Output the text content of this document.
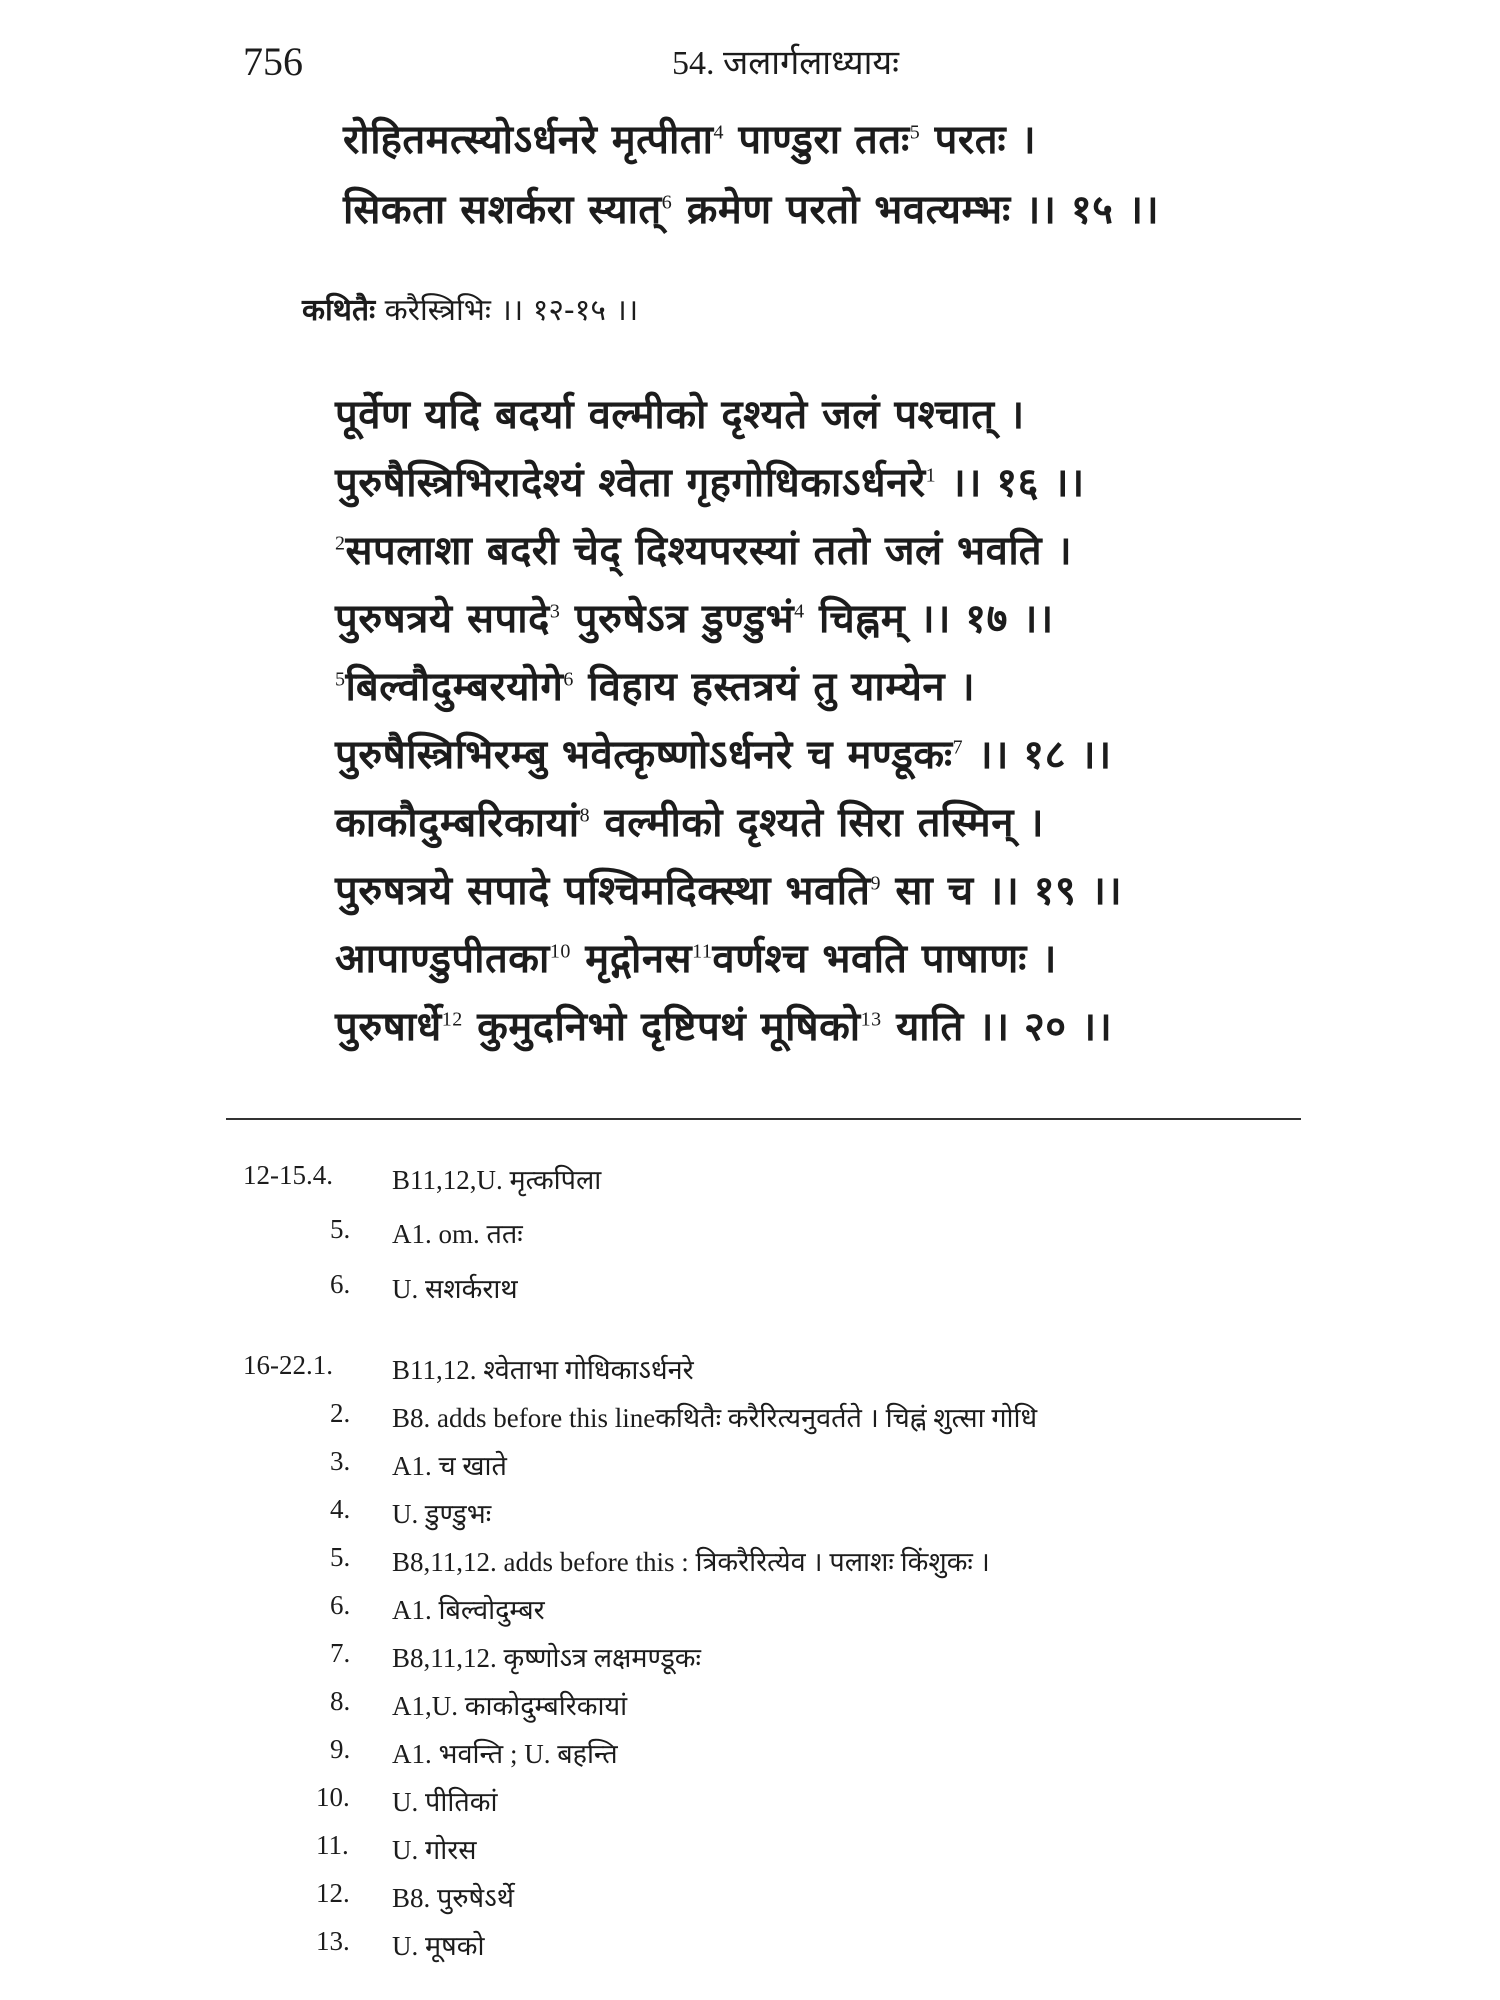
756	54. जलार्गलाध्यायः
रोहितमत्स्योऽर्धनरे मृत्पीता$^4$ पाण्डुरा ततः$^5$ परतः ।
सिकता सशर्करा स्यात्$^6$ क्रमेण परतो भवत्यम्भः ।। १५ ।।
कथितैः करैस्त्रिभिः ।। १२-१५ ।।
पूर्वेण यदि बदर्या वल्मीको दृश्यते जलं पश्चात् ।
पुरुषैस्त्रिभिरादेश्यं श्वेता गृहगोधिकाऽर्धनरे$^1$ ।। १६ ।।
$^2$सपलाशा बदरी चेद् दिश्यपरस्यां ततो जलं भवति ।
पुरुषत्रये सपादे$^3$ पुरुषेऽत्र डुण्डुभं$^4$ चिह्नम् ।। १७ ।।
$^5$बिल्वौदुम्बरयोगे$^6$ विहाय हस्तत्रयं तु याम्येन ।
पुरुषैस्त्रिभिरम्बु भवेत्कृष्णोऽर्धनरे च मण्डूकः$^7$ ।। १८ ।।
काकौदुम्बरिकायां$^8$ वल्मीको दृश्यते सिरा तस्मिन् ।
पुरुषत्रये सपादे पश्चिमदिक्स्था भवति$^9$ सा च ।। १९ ।।
आपाण्डुपीतका$^{10}$ मृद्गोनस$^{11}$वर्णश्च भवति पाषाणः ।
पुरुषार्धे$^{12}$ कुमुदनिभो दृष्टिपथं मूषिको$^{13}$ याति ।। २० ।।
12-15.4. B11,12,U. मृत्कपिला
5. A1. om. ततः
6. U. सशर्कराथ
16-22.1. B11,12. श्वेताभा गोधिकाऽर्धनरे
2. B8. adds before this lineकथितैः करैरित्यनुवर्तते । चिह्नं शुत्सा गोधि
3. A1. च खाते
4. U. डुण्डुभः
5. B8,11,12. adds before this : त्रिकरैरित्येव । पलाशः किंशुकः ।
6. A1. बिल्वोदुम्बर
7. B8,11,12. कृष्णोऽत्र लक्षमण्डूकः
8. A1,U. काकोदुम्बरिकायां
9. A1. भवन्ति ; U. बहन्ति
10. U. पीतिकां
11. U. गोरस
12. B8. पुरुषेऽर्थे
13. U. मूषको
